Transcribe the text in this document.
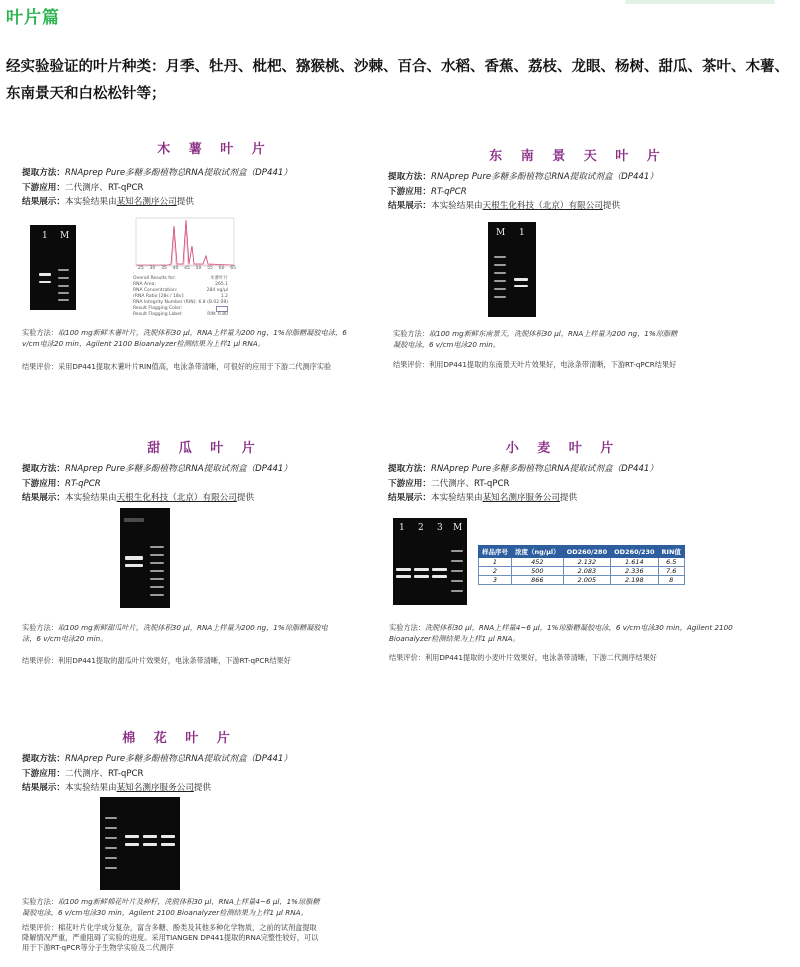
叶片篇
经实验验证的叶片种类：月季、牡丹、枇杷、猕猴桃、沙棘、百合、水稻、香蕉、荔枝、龙眼、杨树、甜瓜、茶叶、木薯、东南景天和白松松针等；
木 薯 叶 片
提取方法：RNAprep Pure多糖多酚植物总RNA提取试剂盒（DP441）
下游应用：二代测序、RT-qPCR
结果展示：本实验结果由某知名测序公司提供
1 M
25 30 35 40 45 50 55 60 65
Overall Results for:	木薯叶片
RNA Area:	265.1
RNA Concentration:	284 ng/μl
rRNA Ratio [28s / 18s]:	1.2
RNA Integrity Number (RIN): 6.8 (B.02.08)
Result Flagging Color:
Result Flagging Label:	RIN: 6.80
实验方法：取100 mg新鲜木薯叶片，洗脱体积30 μl，RNA上样量为200 ng，1%琼脂糖凝胶电泳，6 v/cm电泳20 min，Agilent 2100 Bioanalyzer检测结果为上样1 μl RNA。
结果评价：采用DP441提取木薯叶片RIN值高，电泳条带清晰，可很好的应用于下游二代测序实验
东 南 景 天 叶 片
提取方法：RNAprep Pure多糖多酚植物总RNA提取试剂盒（DP441）
下游应用：RT-qPCR
结果展示：本实验结果由天根生化科技（北京）有限公司提供
M 1
实验方法：取100 mg新鲜东南景天，洗脱体积30 μl，RNA上样量为200 ng，1%琼脂糖凝胶电泳，6 v/cm电泳20 min。
结果评价：利用DP441提取的东南景天叶片效果好，电泳条带清晰，下游RT-qPCR结果好
甜 瓜 叶 片
提取方法：RNAprep Pure多糖多酚植物总RNA提取试剂盒（DP441）
下游应用：RT-qPCR
结果展示：本实验结果由天根生化科技（北京）有限公司提供
实验方法：取100 mg新鲜甜瓜叶片，洗脱体积30 μl，RNA上样量为200 ng，1%琼脂糖凝胶电泳，6 v/cm电泳20 min。
结果评价：利用DP441提取的甜瓜叶片效果好，电泳条带清晰，下游RT-qPCR结果好
小 麦 叶 片
提取方法：RNAprep Pure多糖多酚植物总RNA提取试剂盒（DP441）
下游应用：二代测序、RT-qPCR
结果展示：本实验结果由某知名测序服务公司提供
1 2 3 M
样品序号	浓度（ng/μl）	OD260/280	OD260/230	RIN值
1	452	2.132	1.614	6.5
2	500	2.083	2.336	7.6
3	866	2.005	2.198	8
实验方法：洗脱体积30 μl，RNA上样量4~6 μl，1%琼脂糖凝胶电泳，6 v/cm电泳30 min，Agilent 2100 Bioanalyzer检测结果为上样1 μl RNA。
结果评价：利用DP441提取的小麦叶片效果好，电泳条带清晰，下游二代测序结果好
棉 花 叶 片
提取方法：RNAprep Pure多糖多酚植物总RNA提取试剂盒（DP441）
下游应用：二代测序、RT-qPCR
结果展示：本实验结果由某知名测序服务公司提供
实验方法：取100 mg新鲜棉花叶片及种籽，洗脱体积30 μl，RNA上样量4~6 μl，1%琼脂糖凝胶电泳，6 v/cm电泳30 min，Agilent 2100 Bioanalyzer检测结果为上样1 μl RNA。
结果评价：棉花叶片化学成分复杂，富含多糖、酚类及其他多种化学物质，之前的试剂盒提取降解情况严重，严重阻碍了实验的进度。采用TIANGEN DP441提取的RNA完整性较好，可以用于下游RT-qPCR等分子生物学实验及二代测序
